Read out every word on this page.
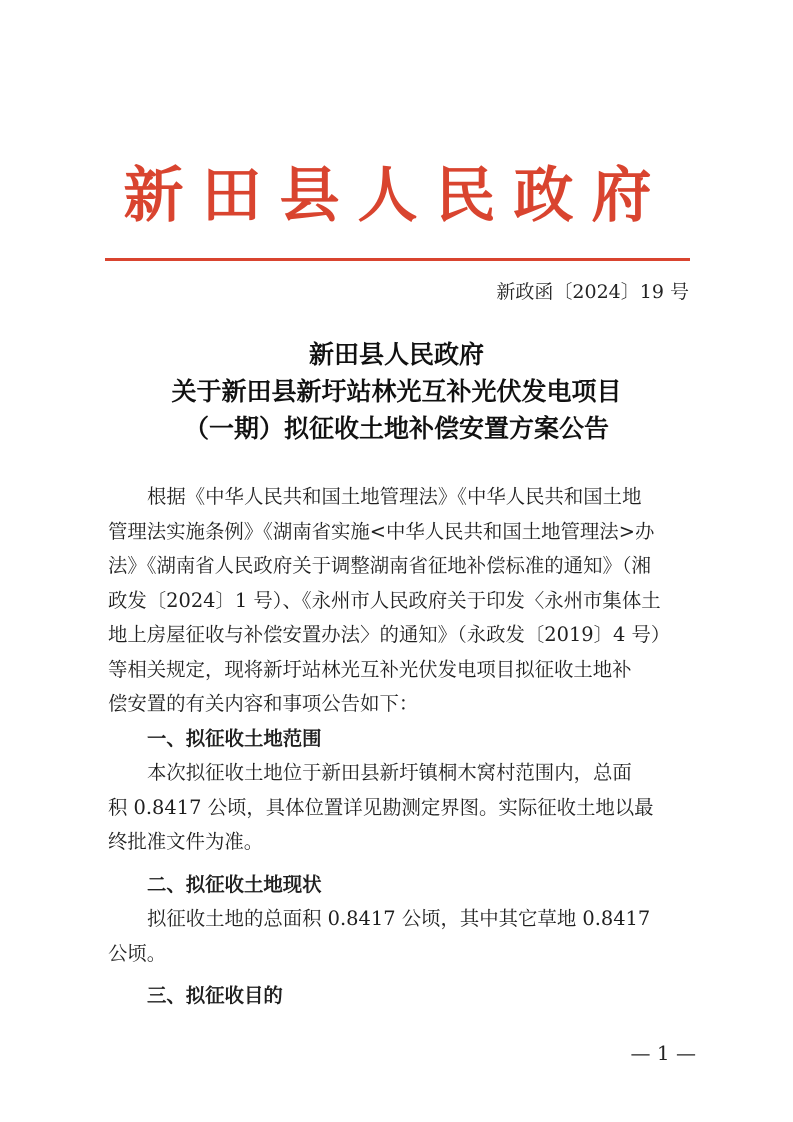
新田县人民政府
新政函〔2024〕19 号
新田县人民政府
关于新田县新圩站林光互补光伏发电项目
（一期）拟征收土地补偿安置方案公告

根据《中华人民共和国土地管理法》《中华人民共和国土地

管理法实施条例》《湖南省实施<中华人民共和国土地管理法>办

法》《湖南省人民政府关于调整湖南省征地补偿标准的通知》（湘

政发〔2024〕1 号）、《永州市人民政府关于印发〈永州市集体土

地上房屋征收与补偿安置办法〉的通知》（永政发〔2019〕4 号）

等相关规定，现将新圩站林光互补光伏发电项目拟征收土地补

偿安置的有关内容和事项公告如下：

一、拟征收土地范围

本次拟征收土地位于新田县新圩镇桐木窝村范围内，总面

积 0.8417 公顷，具体位置详见勘测定界图。实际征收土地以最

终批准文件为准。

二、拟征收土地现状

拟征收土地的总面积 0.8417 公顷，其中其它草地 0.8417

公顷。

三、拟征收目的

— 1 —
